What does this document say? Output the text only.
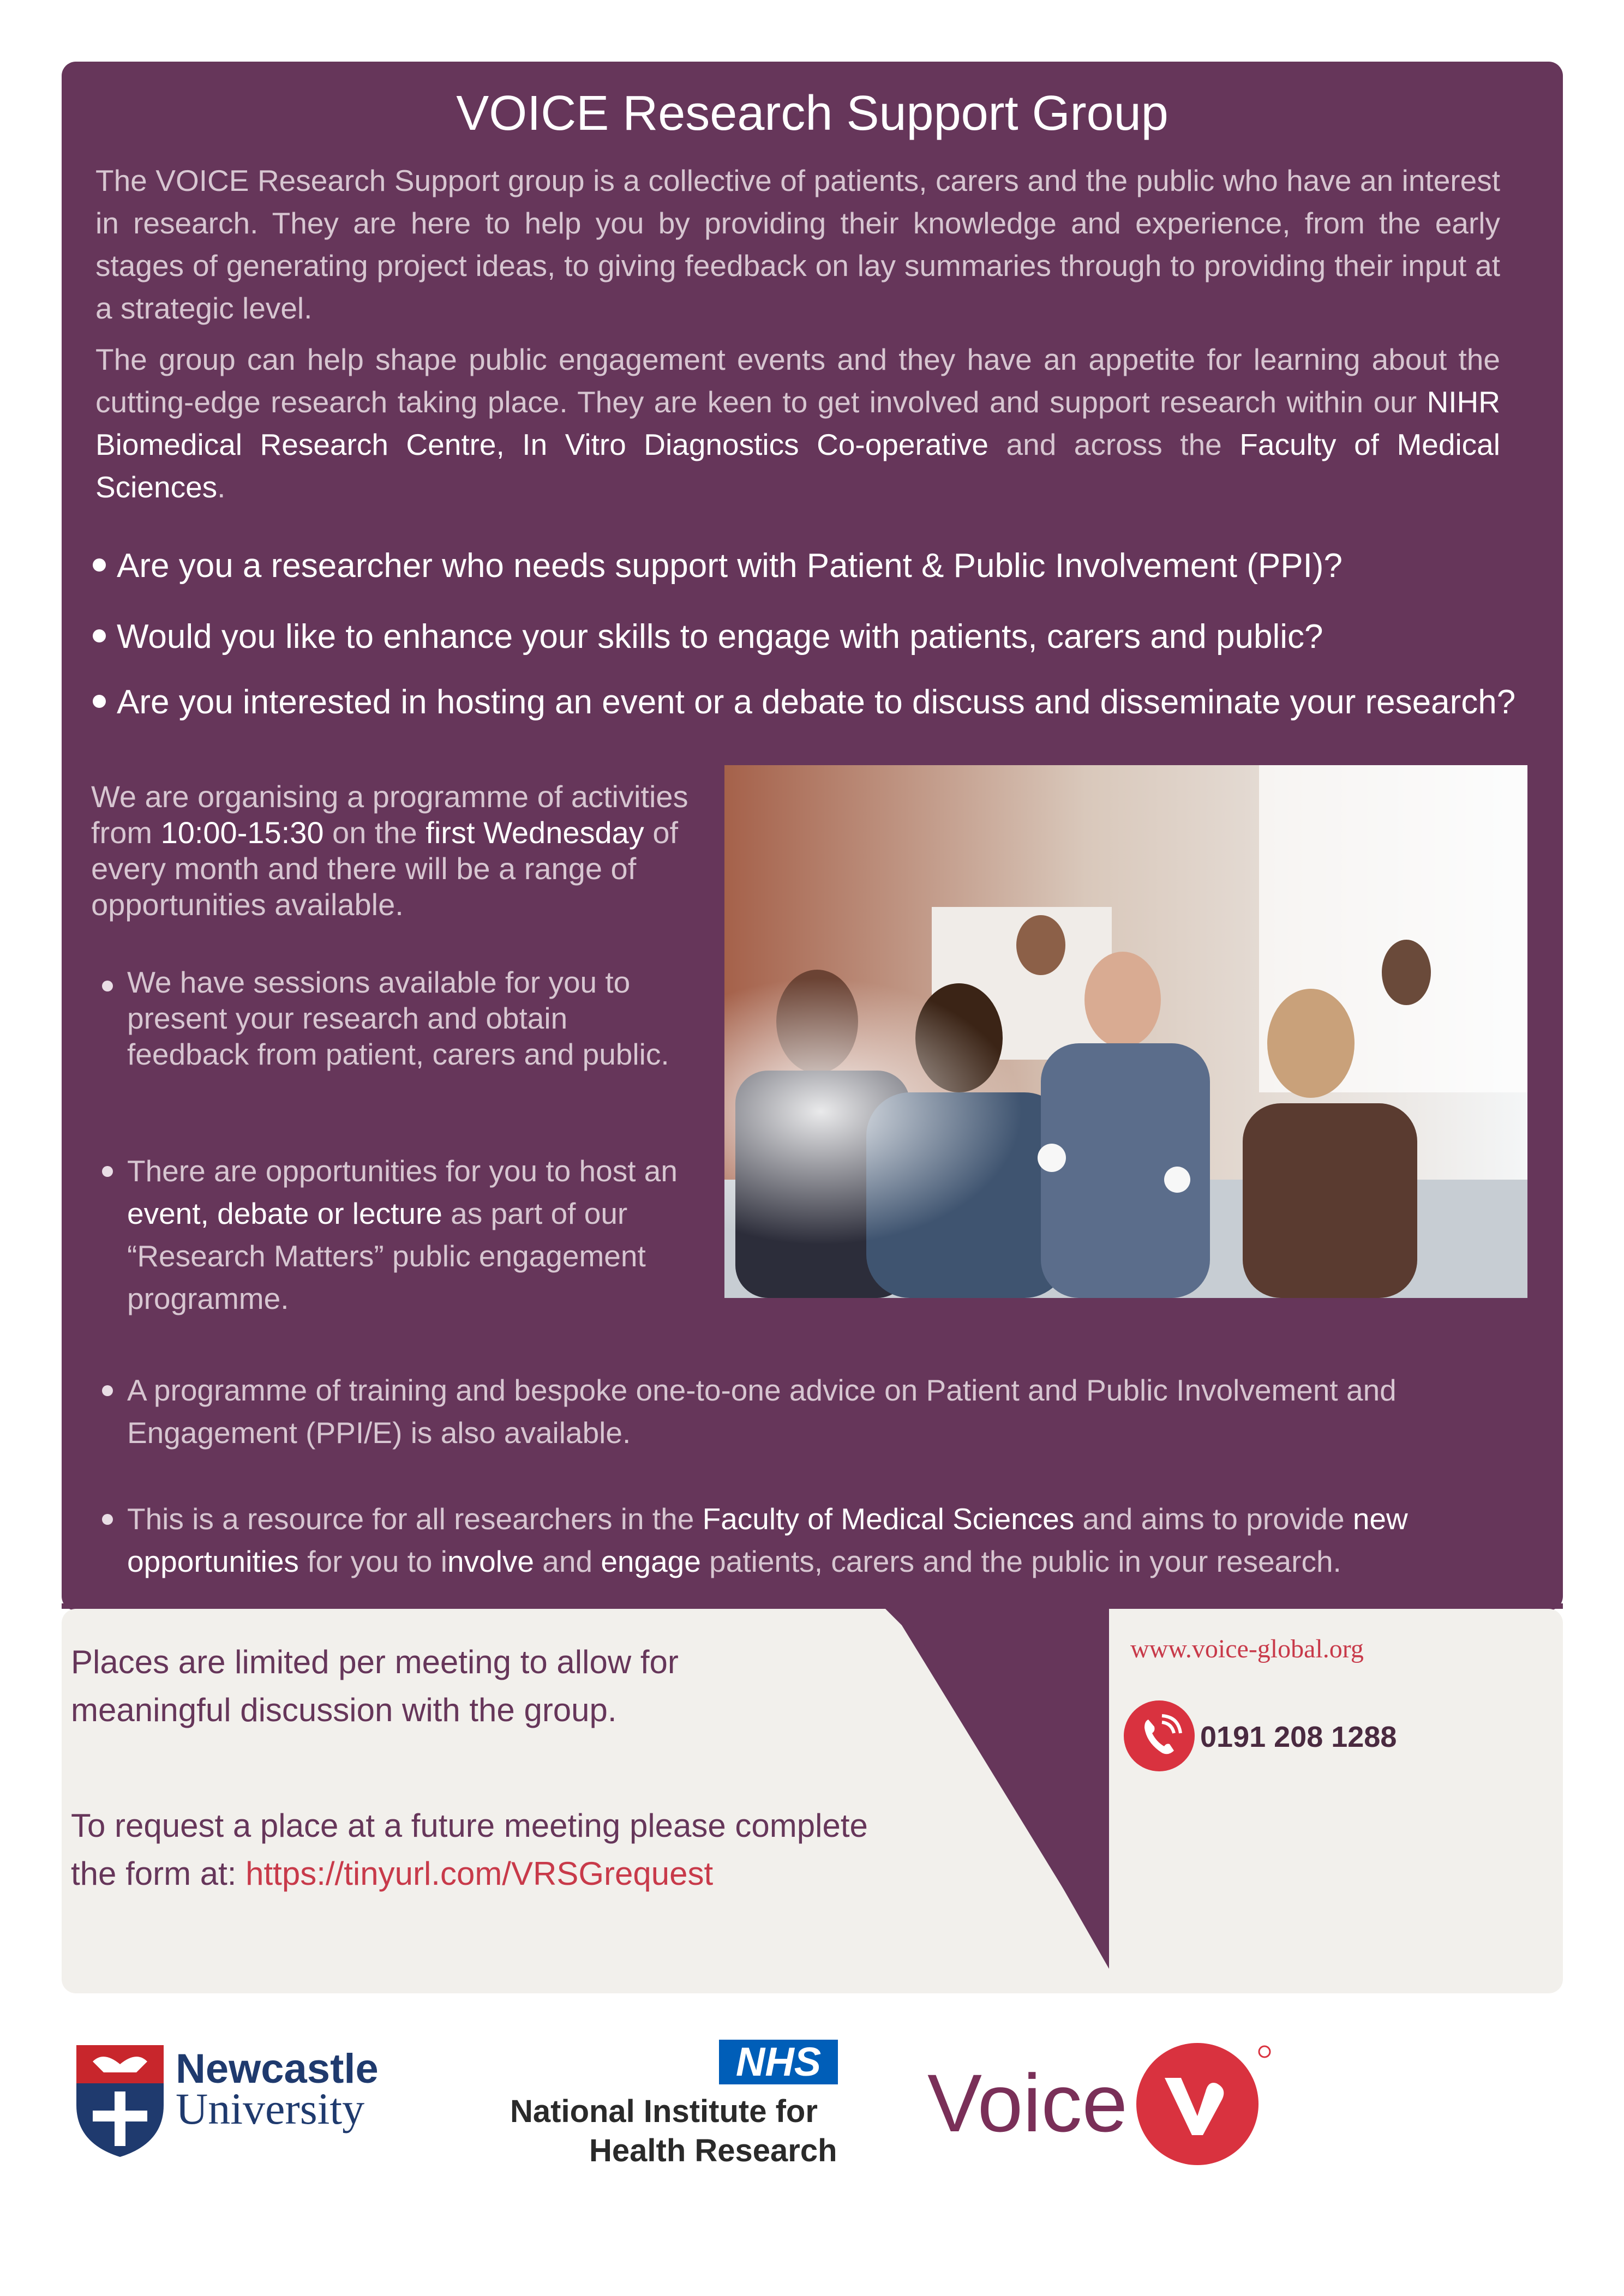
VOICE Research Support Group
The VOICE Research Support group is a collective of patients, carers and the public who have an interest in research. They are here to help you by providing their knowledge and experience, from the early stages of generating project ideas, to giving feedback on lay summaries through to providing their input at a strategic level.
The group can help shape public engagement events and they have an appetite for learning about the cutting-edge research taking place. They are keen to get involved and support research within our NIHR Biomedical Research Centre, In Vitro Diagnostics Co-operative and across the Faculty of Medical Sciences.
Are you a researcher who needs support with Patient & Public Involvement (PPI)?
Would you like to enhance your skills to engage with patients, carers and public?
Are you interested in hosting an event or a debate to discuss and disseminate your research?
We are organising a programme of activities from 10:00-15:30 on the first Wednesday of every month and there will be a range of opportunities available.
We have sessions available for you to present your research and obtain feedback from patient, carers and public.
There are opportunities for you to host an event, debate or lecture as part of our “Research Matters” public engagement programme.
A programme of training and bespoke one-to-one advice on Patient and Public Involvement and Engagement (PPI/E) is also available.
This is a resource for all researchers in the Faculty of Medical Sciences and aims to provide new opportunities for you to involve and engage patients, carers and the public in your research.
Places are limited per meeting to allow for meaningful discussion with the group.
To request a place at a future meeting please complete the form at: https://tinyurl.com/VRSGrequest
www.voice-global.org
0191 208 1288
Newcastle
University
NHS
National Institute for
Health Research
Voice
